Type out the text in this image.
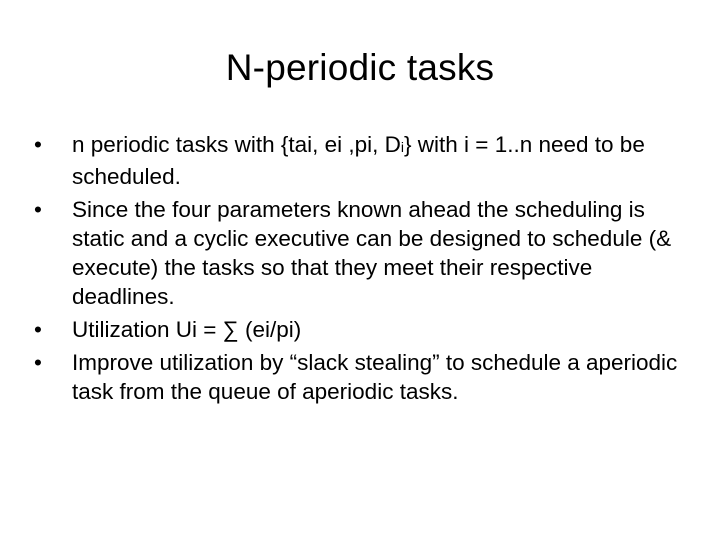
N-periodic tasks
•	n periodic tasks with {tai, ei ,pi, Di} with i = 1..n need to be scheduled.
•	Since the four parameters known ahead the scheduling is static and a cyclic executive can be designed to schedule (& execute) the tasks so that they meet their respective deadlines.
•	Utilization Ui = ∑ (ei/pi)
•	Improve utilization by “slack stealing” to schedule a aperiodic task from the queue of aperiodic tasks.
